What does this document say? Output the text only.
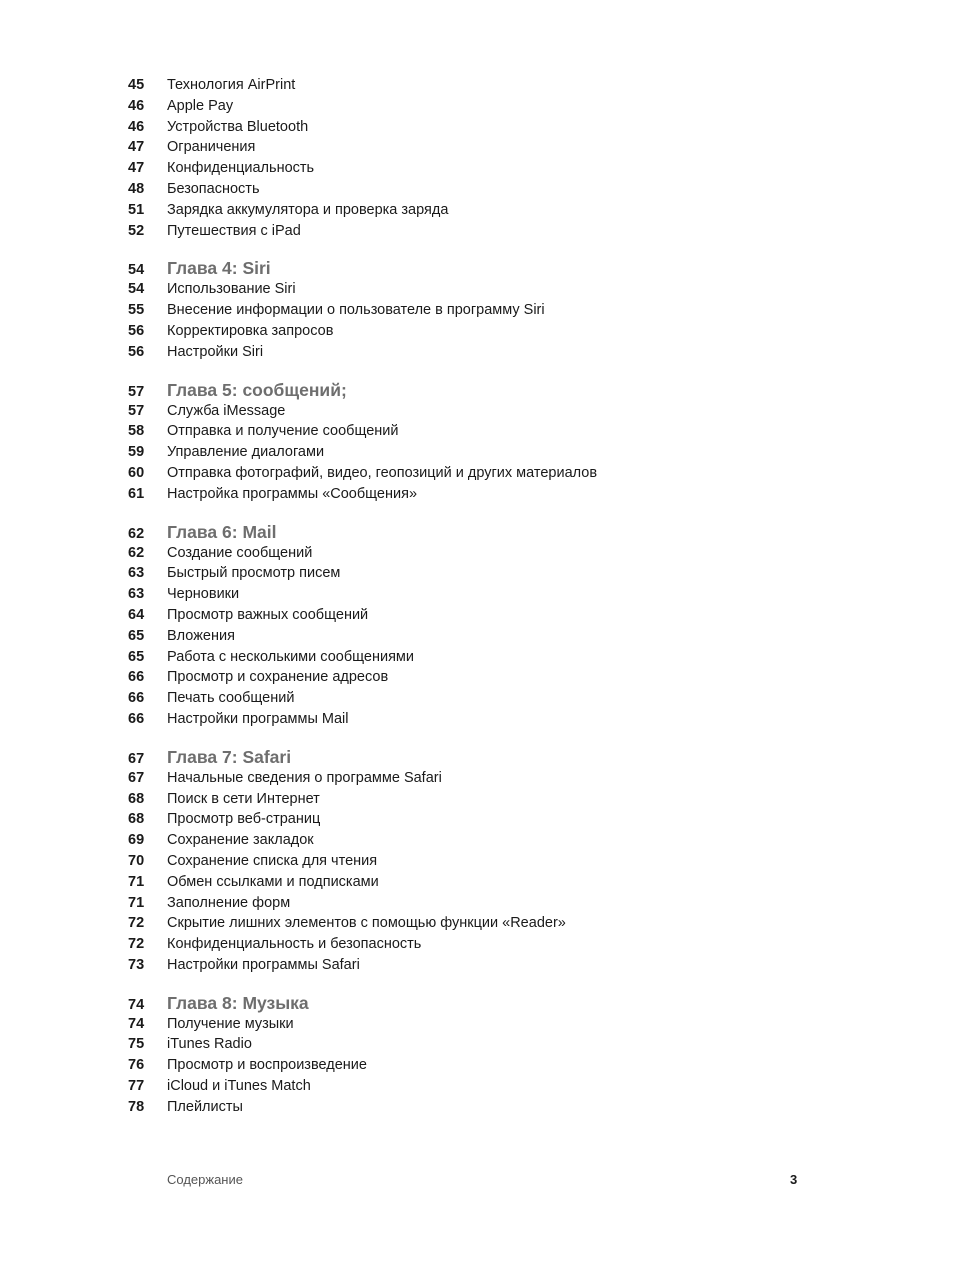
45	Технология AirPrint
46	Apple Pay
46	Устройства Bluetooth
47	Ограничения
47	Конфиденциальность
48	Безопасность
51	Зарядка аккумулятора и проверка заряда
52	Путешествия с iPad
54	Глава 4: Siri
54	Использование Siri
55	Внесение информации о пользователе в программу Siri
56	Корректировка запросов
56	Настройки Siri
57	Глава 5: сообщений;
57	Служба iMessage
58	Отправка и получение сообщений
59	Управление диалогами
60	Отправка фотографий, видео, геопозиций и других материалов
61	Настройка программы «Сообщения»
62	Глава 6: Mail
62	Создание сообщений
63	Быстрый просмотр писем
63	Черновики
64	Просмотр важных сообщений
65	Вложения
65	Работа с несколькими сообщениями
66	Просмотр и сохранение адресов
66	Печать сообщений
66	Настройки программы Mail
67	Глава 7: Safari
67	Начальные сведения о программе Safari
68	Поиск в сети Интернет
68	Просмотр веб-страниц
69	Сохранение закладок
70	Сохранение списка для чтения
71	Обмен ссылками и подписками
71	Заполнение форм
72	Скрытие лишних элементов с помощью функции «Reader»
72	Конфиденциальность и безопасность
73	Настройки программы Safari
74	Глава 8: Музыка
74	Получение музыки
75	iTunes Radio
76	Просмотр и воспроизведение
77	iCloud и iTunes Match
78	Плейлисты
Содержание	3
